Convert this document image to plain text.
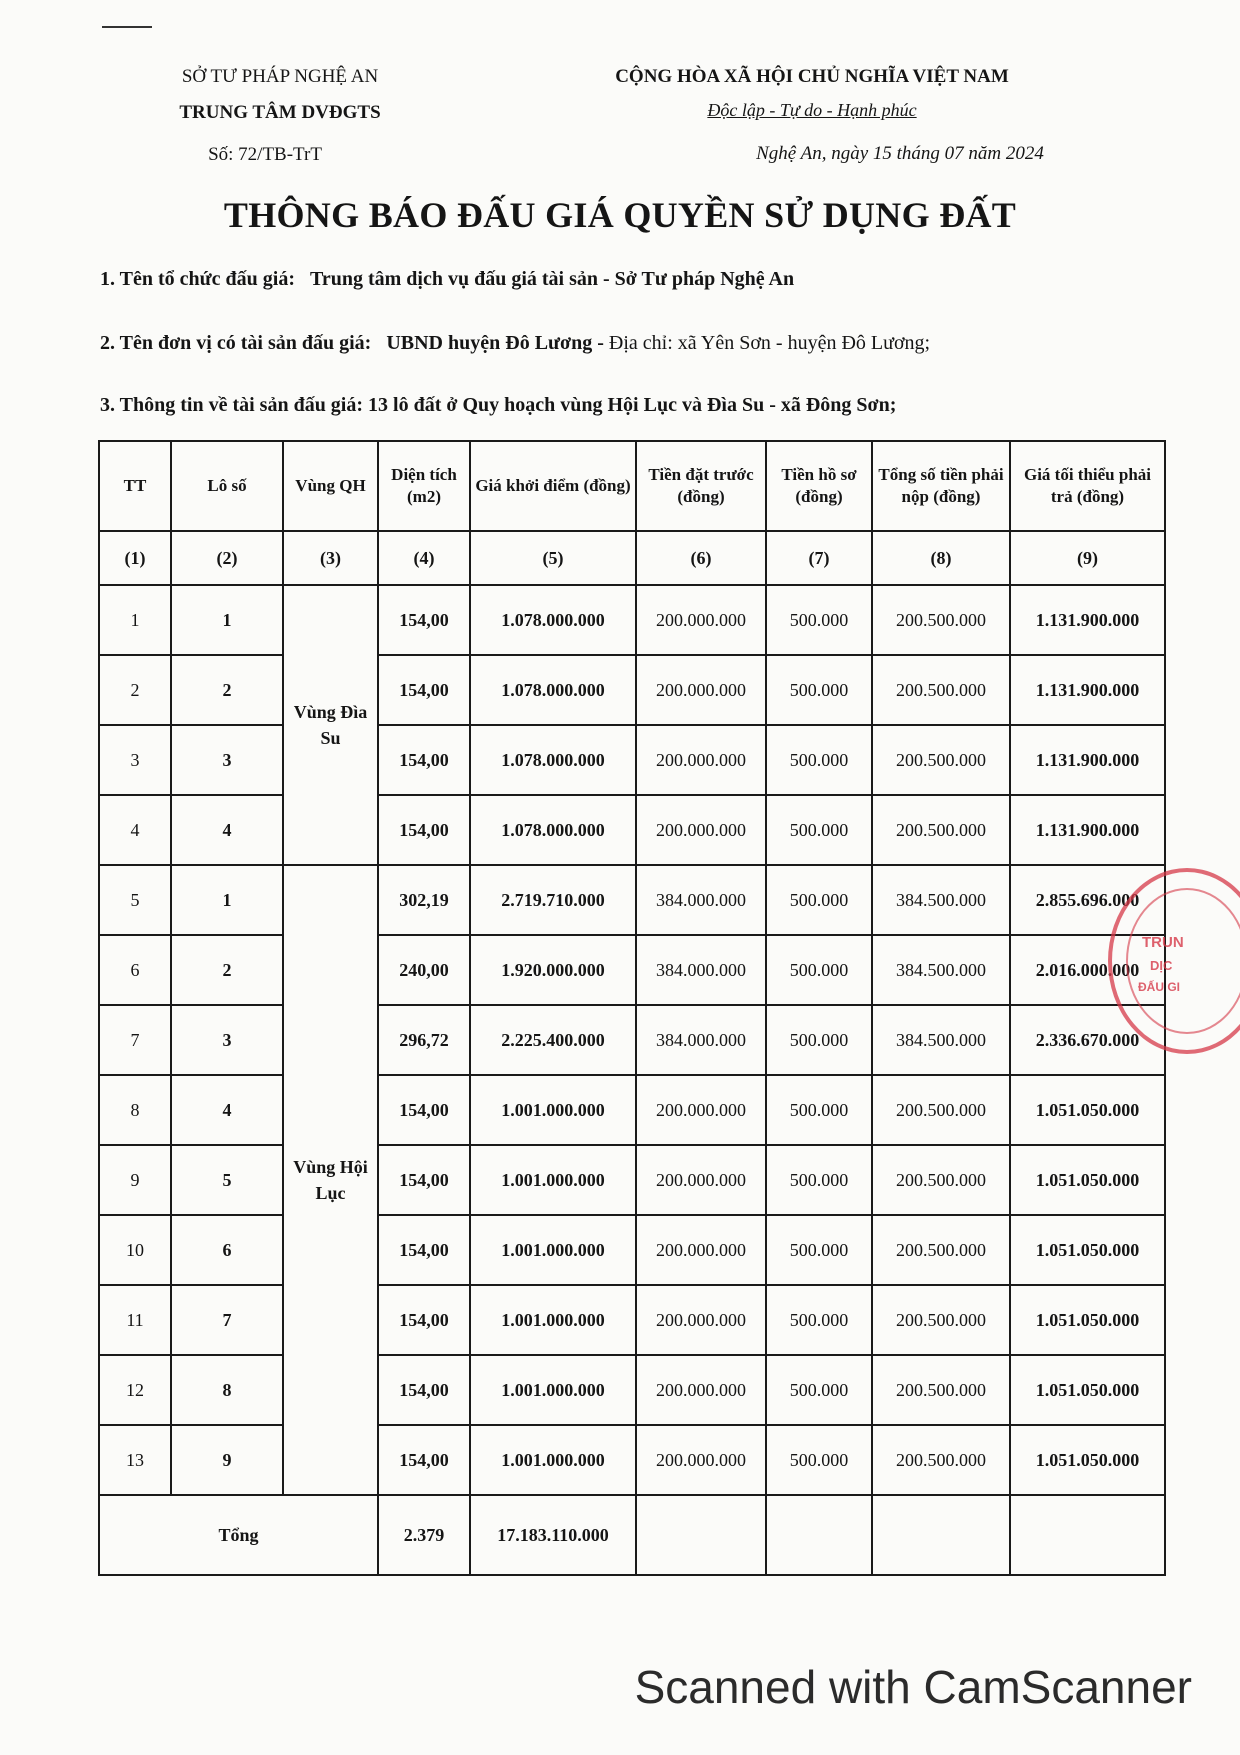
SỞ TƯ PHÁP NGHỆ AN
TRUNG TÂM DVĐGTS
Số: 72/TB-TrT
CỘNG HÒA XÃ HỘI CHỦ NGHĨA VIỆT NAM
Độc lập - Tự do - Hạnh phúc
Nghệ An, ngày 15 tháng 07 năm 2024
THÔNG BÁO ĐẤU GIÁ QUYỀN SỬ DỤNG ĐẤT
1. Tên tổ chức đấu giá: Trung tâm dịch vụ đấu giá tài sản - Sở Tư pháp Nghệ An
2. Tên đơn vị có tài sản đấu giá: UBND huyện Đô Lương - Địa chỉ: xã Yên Sơn - huyện Đô Lương;
3. Thông tin về tài sản đấu giá: 13 lô đất ở Quy hoạch vùng Hội Lục và Đìa Su - xã Đông Sơn;
TT	Lô số	Vùng QH	Diện tích (m2)	Giá khởi điểm (đồng)	Tiền đặt trước (đồng)	Tiền hồ sơ (đồng)	Tổng số tiền phải nộp (đồng)	Giá tối thiểu phải trả (đồng)
(1)	(2)	(3)	(4)	(5)	(6)	(7)	(8)	(9)
1	1	Vùng Đìa Su	154,00	1.078.000.000	200.000.000	500.000	200.500.000	1.131.900.000
2	2		154,00	1.078.000.000	200.000.000	500.000	200.500.000	1.131.900.000
3	3		154,00	1.078.000.000	200.000.000	500.000	200.500.000	1.131.900.000
4	4		154,00	1.078.000.000	200.000.000	500.000	200.500.000	1.131.900.000
5	1	Vùng Hội Lục	302,19	2.719.710.000	384.000.000	500.000	384.500.000	2.855.696.000
6	2		240,00	1.920.000.000	384.000.000	500.000	384.500.000	2.016.000.000
7	3		296,72	2.225.400.000	384.000.000	500.000	384.500.000	2.336.670.000
8	4		154,00	1.001.000.000	200.000.000	500.000	200.500.000	1.051.050.000
9	5		154,00	1.001.000.000	200.000.000	500.000	200.500.000	1.051.050.000
10	6		154,00	1.001.000.000	200.000.000	500.000	200.500.000	1.051.050.000
11	7		154,00	1.001.000.000	200.000.000	500.000	200.500.000	1.051.050.000
12	8		154,00	1.001.000.000	200.000.000	500.000	200.500.000	1.051.050.000
13	9		154,00	1.001.000.000	200.000.000	500.000	200.500.000	1.051.050.000
Tổng			2.379	17.183.110.000				
TRUN
DỊC
ĐẤU GI
Scanned with CamScanner
